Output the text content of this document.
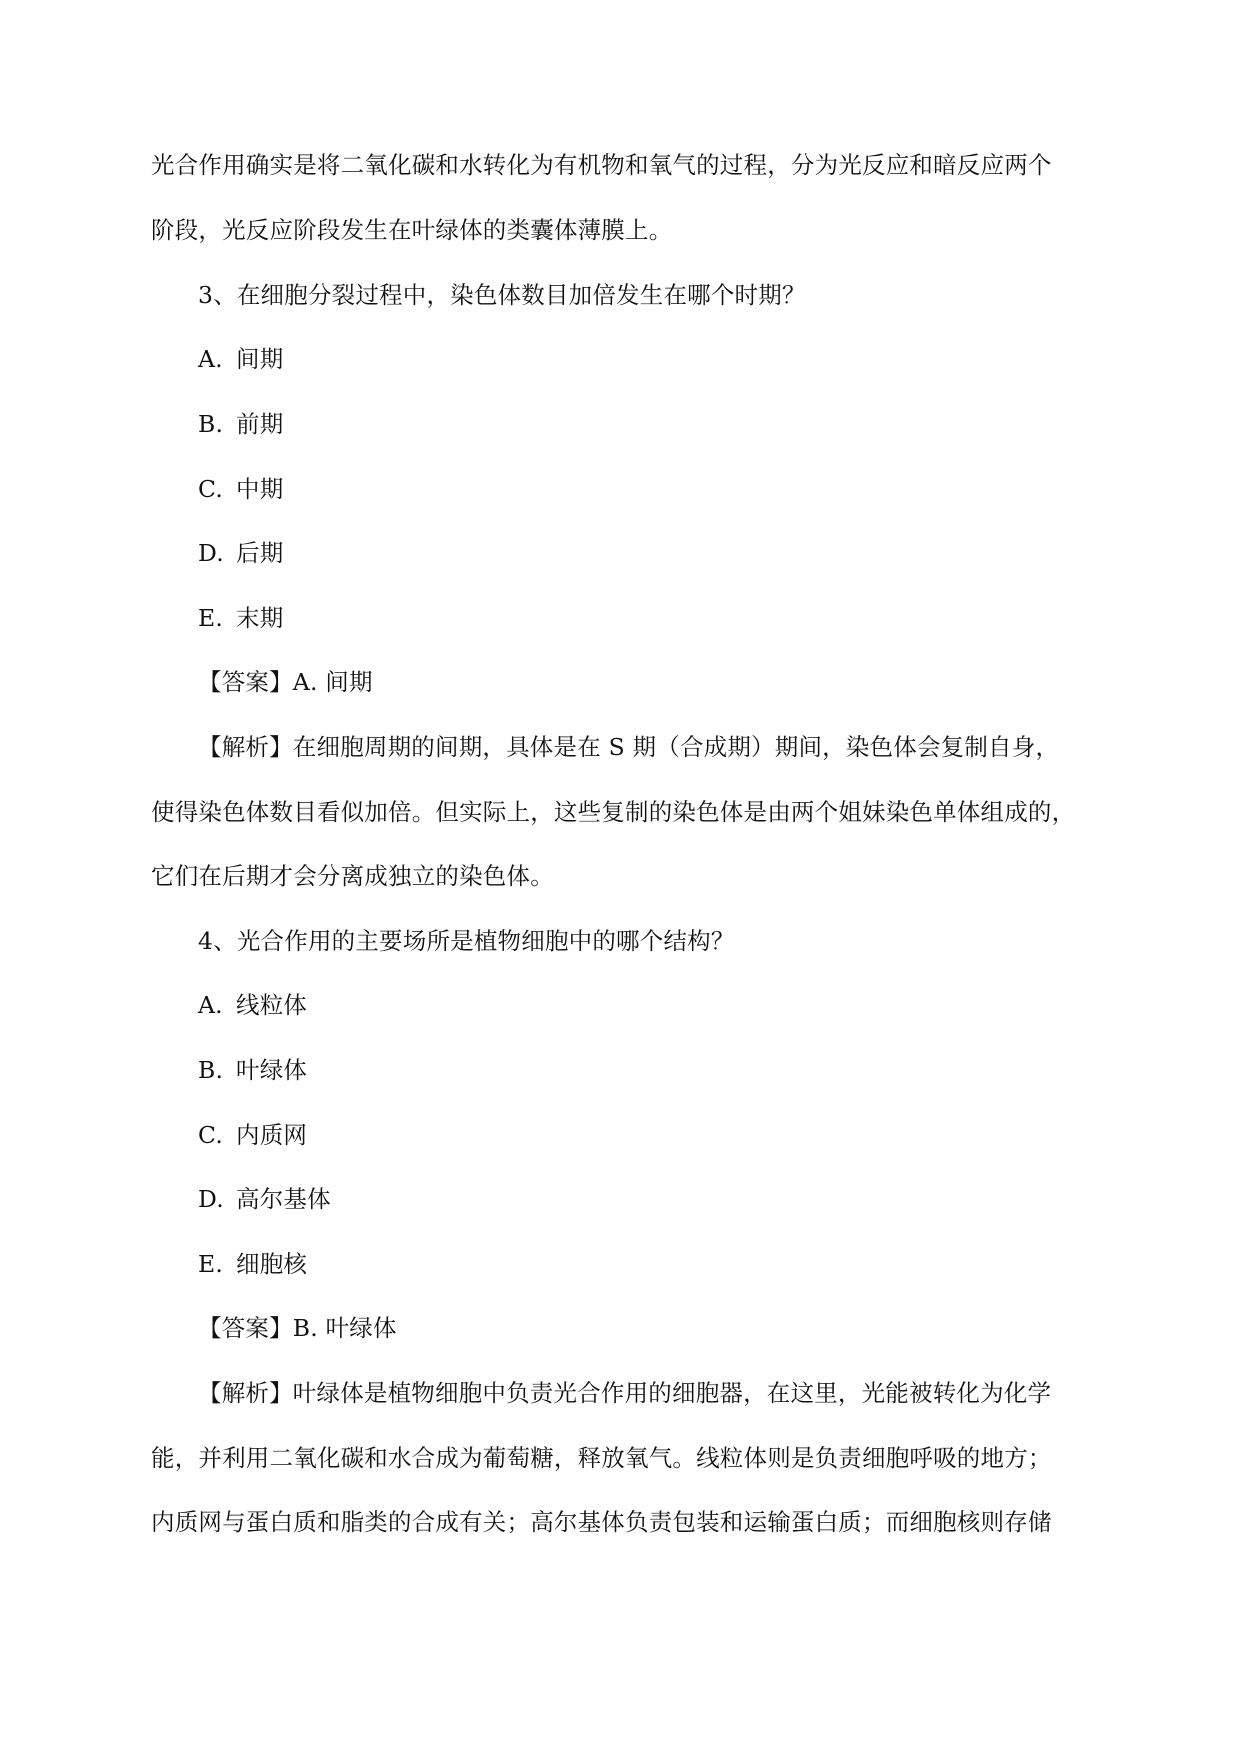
光合作用确实是将二氧化碳和水转化为有机物和氧气的过程，分为光反应和暗反应两个
阶段，光反应阶段发生在叶绿体的类囊体薄膜上。
3、在细胞分裂过程中，染色体数目加倍发生在哪个时期？
A. 间期
B. 前期
C. 中期
D. 后期
E. 末期
【答案】A. 间期
【解析】在细胞周期的间期，具体是在 S 期（合成期）期间，染色体会复制自身，
使得染色体数目看似加倍。但实际上，这些复制的染色体是由两个姐妹染色单体组成的，
它们在后期才会分离成独立的染色体。
4、光合作用的主要场所是植物细胞中的哪个结构？
A. 线粒体
B. 叶绿体
C. 内质网
D. 高尔基体
E. 细胞核
【答案】B. 叶绿体
【解析】叶绿体是植物细胞中负责光合作用的细胞器，在这里，光能被转化为化学
能，并利用二氧化碳和水合成为葡萄糖，释放氧气。线粒体则是负责细胞呼吸的地方；
内质网与蛋白质和脂类的合成有关；高尔基体负责包装和运输蛋白质；而细胞核则存储
